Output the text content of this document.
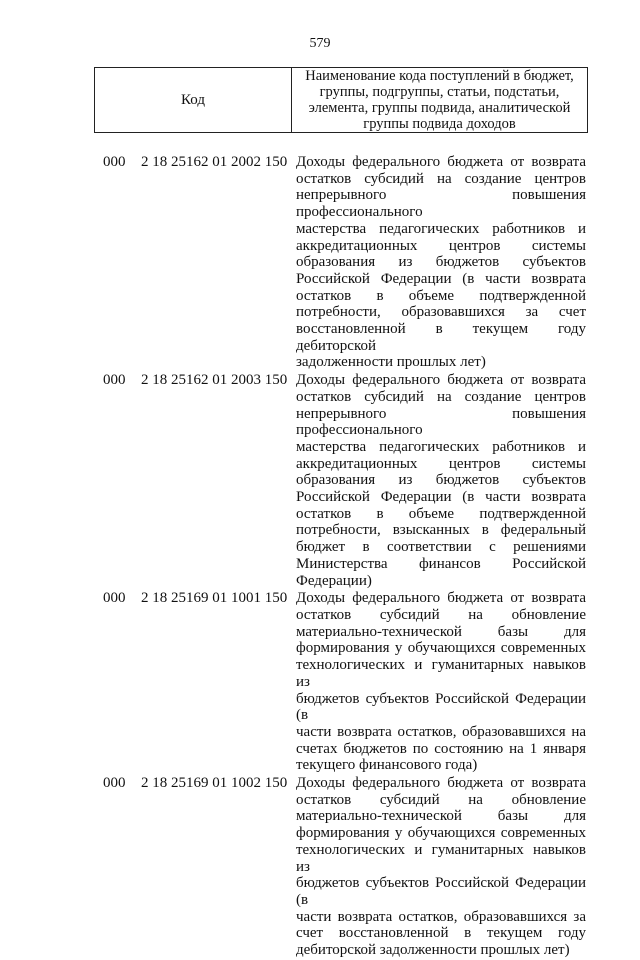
579
Код
Наименование кода поступлений в бюджет, группы, подгруппы, статьи, подстатьи, элемента, группы подвида, аналитической группы подвида доходов
000 2 18 25162 01 2002 150 Доходы федерального бюджета от возврата
остатков субсидий на создание центров
непрерывного повышения профессионального
мастерства педагогических работников и
аккредитационных центров системы
образования из бюджетов субъектов
Российской Федерации (в части возврата
остатков в объеме подтвержденной
потребности, образовавшихся за счет
восстановленной в текущем году дебиторской
задолженности прошлых лет)
000 2 18 25162 01 2003 150 Доходы федерального бюджета от возврата
остатков субсидий на создание центров
непрерывного повышения профессионального
мастерства педагогических работников и
аккредитационных центров системы
образования из бюджетов субъектов
Российской Федерации (в части возврата
остатков в объеме подтвержденной
потребности, взысканных в федеральный
бюджет в соответствии с решениями
Министерства финансов Российской
Федерации)
000 2 18 25169 01 1001 150 Доходы федерального бюджета от возврата
остатков субсидий на обновление
материально-технической базы для
формирования у обучающихся современных
технологических и гуманитарных навыков из
бюджетов субъектов Российской Федерации (в
части возврата остатков, образовавшихся на
счетах бюджетов по состоянию на 1 января
текущего финансового года)
000 2 18 25169 01 1002 150 Доходы федерального бюджета от возврата
остатков субсидий на обновление
материально-технической базы для
формирования у обучающихся современных
технологических и гуманитарных навыков из
бюджетов субъектов Российской Федерации (в
части возврата остатков, образовавшихся за
счет восстановленной в текущем году
дебиторской задолженности прошлых лет)
